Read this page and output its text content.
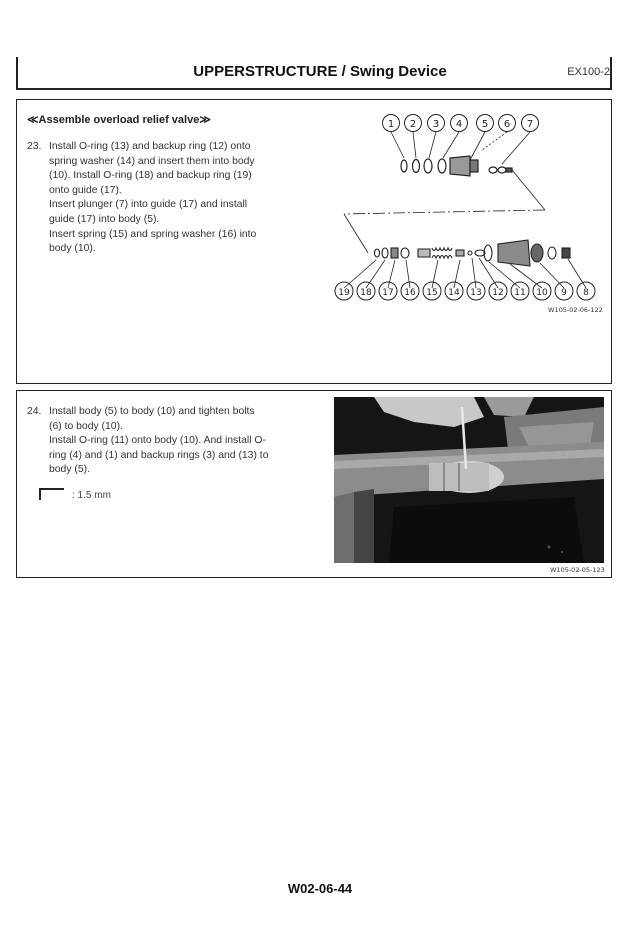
UPPERSTRUCTURE / Swing Device	EX100-2
≪Assemble overload relief valve≫
23. Install O-ring (13) and backup ring (12) onto
spring washer (14) and insert them into body
(10). Install O-ring (18) and backup ring (19)
onto guide (17).
Insert plunger (7) into guide (17) and install
guide (17) into body (5).
Insert spring (15) and spring washer (16) into
body (10).
1 2 3 4 5 6 7
19 18 17 16 15 14 13 12 11 10 9 8
W105-02-06-122
24. Install body (5) to body (10) and tighten bolts
(6) to body (10).
Install O-ring (11) onto body (10). And install O-
ring (4) and (1) and backup rings (3) and (13) to
body (5).
: 1.5 mm
W105-02-05-123
W02-06-44
